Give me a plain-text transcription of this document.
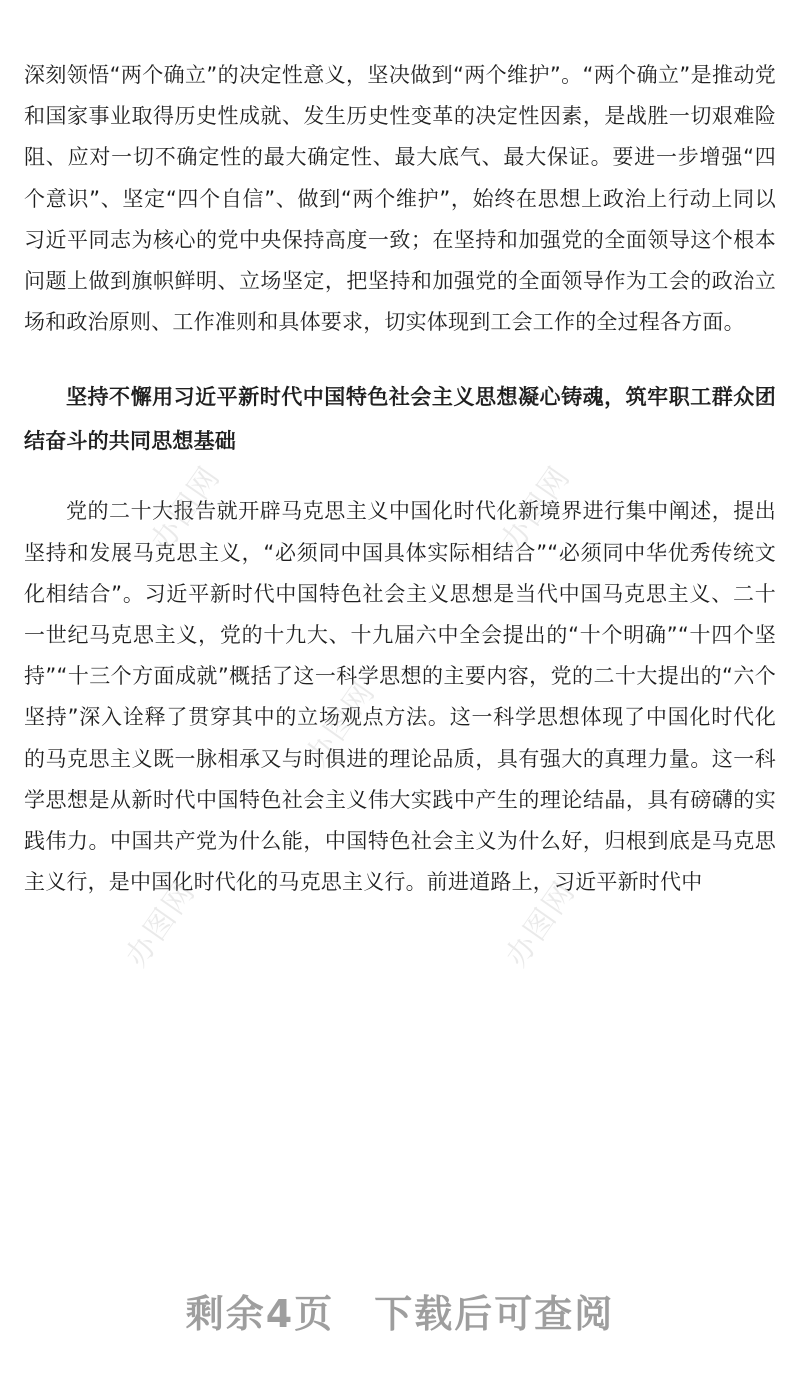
深刻领悟“两个确立”的决定性意义，坚决做到“两个维护”。“两个确立”是推动党和国家事业取得历史性成就、发生历史性变革的决定性因素，是战胜一切艰难险阻、应对一切不确定性的最大确定性、最大底气、最大保证。要进一步增强“四个意识”、坚定“四个自信”、做到“两个维护”，始终在思想上政治上行动上同以习近平同志为核心的党中央保持高度一致；在坚持和加强党的全面领导这个根本问题上做到旗帜鲜明、立场坚定，把坚持和加强党的全面领导作为工会的政治立场和政治原则、工作准则和具体要求，切实体现到工会工作的全过程各方面。

坚持不懈用习近平新时代中国特色社会主义思想凝心铸魂，筑牢职工群众团结奋斗的共同思想基础

党的二十大报告就开辟马克思主义中国化时代化新境界进行集中阐述，提出坚持和发展马克思主义，“必须同中国具体实际相结合”“必须同中华优秀传统文化相结合”。习近平新时代中国特色社会主义思想是当代中国马克思主义、二十一世纪马克思主义，党的十九大、十九届六中全会提出的“十个明确”“十四个坚持”“十三个方面成就”概括了这一科学思想的主要内容，党的二十大提出的“六个坚持”深入诠释了贯穿其中的立场观点方法。这一科学思想体现了中国化时代化的马克思主义既一脉相承又与时俱进的理论品质，具有强大的真理力量。这一科学思想是从新时代中国特色社会主义伟大实践中产生的理论结晶，具有磅礴的实践伟力。中国共产党为什么能，中国特色社会主义为什么好，归根到底是马克思主义行，是中国化时代化的马克思主义行。前进道路上，习近平新时代中

办图网	办图网
办图网
办图网	办图网
剩余4页 下载后可查阅
